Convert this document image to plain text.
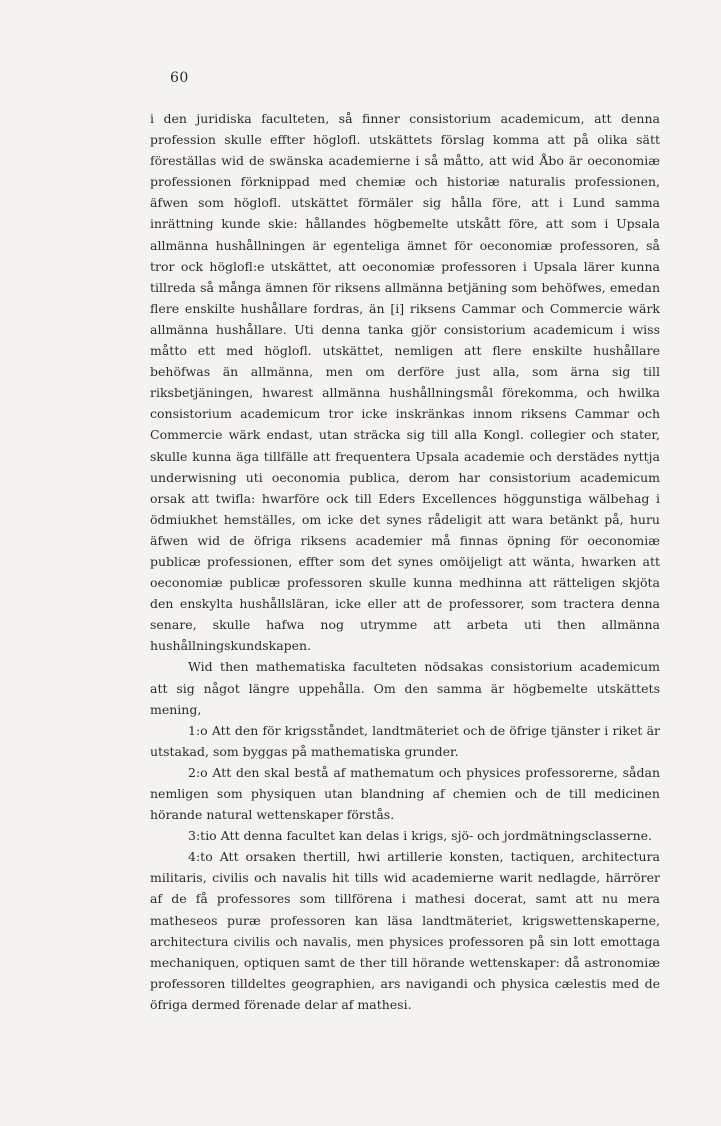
60

i den juridiska faculteten, så finner consistorium academicum, att denna profession skulle effter höglofl. utskättets förslag komma att på olika sätt föreställas wid de swänska academierne i så måtto, att wid Åbo är oeconomiæ professionen förknippad med chemiæ och historiæ naturalis professionen, äfwen som höglofl. utskättet förmäler sig hålla före, att i Lund samma inrättning kunde skie: hållandes högbemelte utskått före, att som i Upsala allmänna hushållningen är egenteliga ämnet för oeconomiæ professoren, så tror ock höglofl:e utskättet, att oeconomiæ professoren i Upsala lärer kunna tillreda så många ämnen för riksens allmänna betjäning som behöfwes, emedan flere enskilte hushållare fordras, än [i] riksens Cammar och Commercie wärk allmänna hushållare. Uti denna tanka gjör consistorium academicum i wiss måtto ett med höglofl. utskättet, nemligen att flere enskilte hushållare behöfwas än allmänna, men om derföre just alla, som ärna sig till riksbetjäningen, hwarest allmänna hushållningsmål förekomma, och hwilka consistorium academicum tror icke inskränkas innom riksens Cammar och Commercie wärk endast, utan sträcka sig till alla Kongl. collegier och stater, skulle kunna äga tillfälle att frequentera Upsala academie och derstädes nyttja underwisning uti oeconomia publica, derom har consistorium academicum orsak att twifla: hwarföre ock till Eders Excellences höggunstiga wälbehag i ödmiukhet hemställes, om icke det synes rådeligit att wara betänkt på, huru äfwen wid de öfriga riksens academier må finnas öpning för oeconomiæ publicæ professionen, effter som det synes omöijeligt att wänta, hwarken att oeconomiæ publicæ professoren skulle kunna medhinna att rätteligen skjöta den enskylta hushållsläran, icke eller att de professorer, som tractera denna senare, skulle hafwa nog utrymme att arbeta uti then allmänna hushållningskundskapen.

Wid then mathematiska faculteten nödsakas consistorium academicum att sig något längre uppehålla. Om den samma är högbemelte utskättets mening,

1:o Att den för krigsståndet, landtmäteriet och de öfrige tjänster i riket är utstakad, som byggas på mathematiska grunder.

2:o Att den skal bestå af mathematum och physices professorerne, sådan nemligen som physiquen utan blandning af chemien och de till medicinen hörande natural wettenskaper förstås.

3:tio Att denna facultet kan delas i krigs, sjö- och jordmätningsclasserne.

4:to Att orsaken thertill, hwi artillerie konsten, tactiquen, architectura militaris, civilis och navalis hit tills wid academierne warit nedlagde, härrörer af de få professores som tillförena i mathesi docerat, samt att nu mera matheseos puræ professoren kan läsa landtmäteriet, krigswettenskaperne, architectura civilis och navalis, men physices professoren på sin lott emottaga mechaniquen, optiquen samt de ther till hörande wettenskaper: då astronomiæ professoren tilldeltes geographien, ars navigandi och physica cælestis med de öfriga dermed förenade delar af mathesi.
